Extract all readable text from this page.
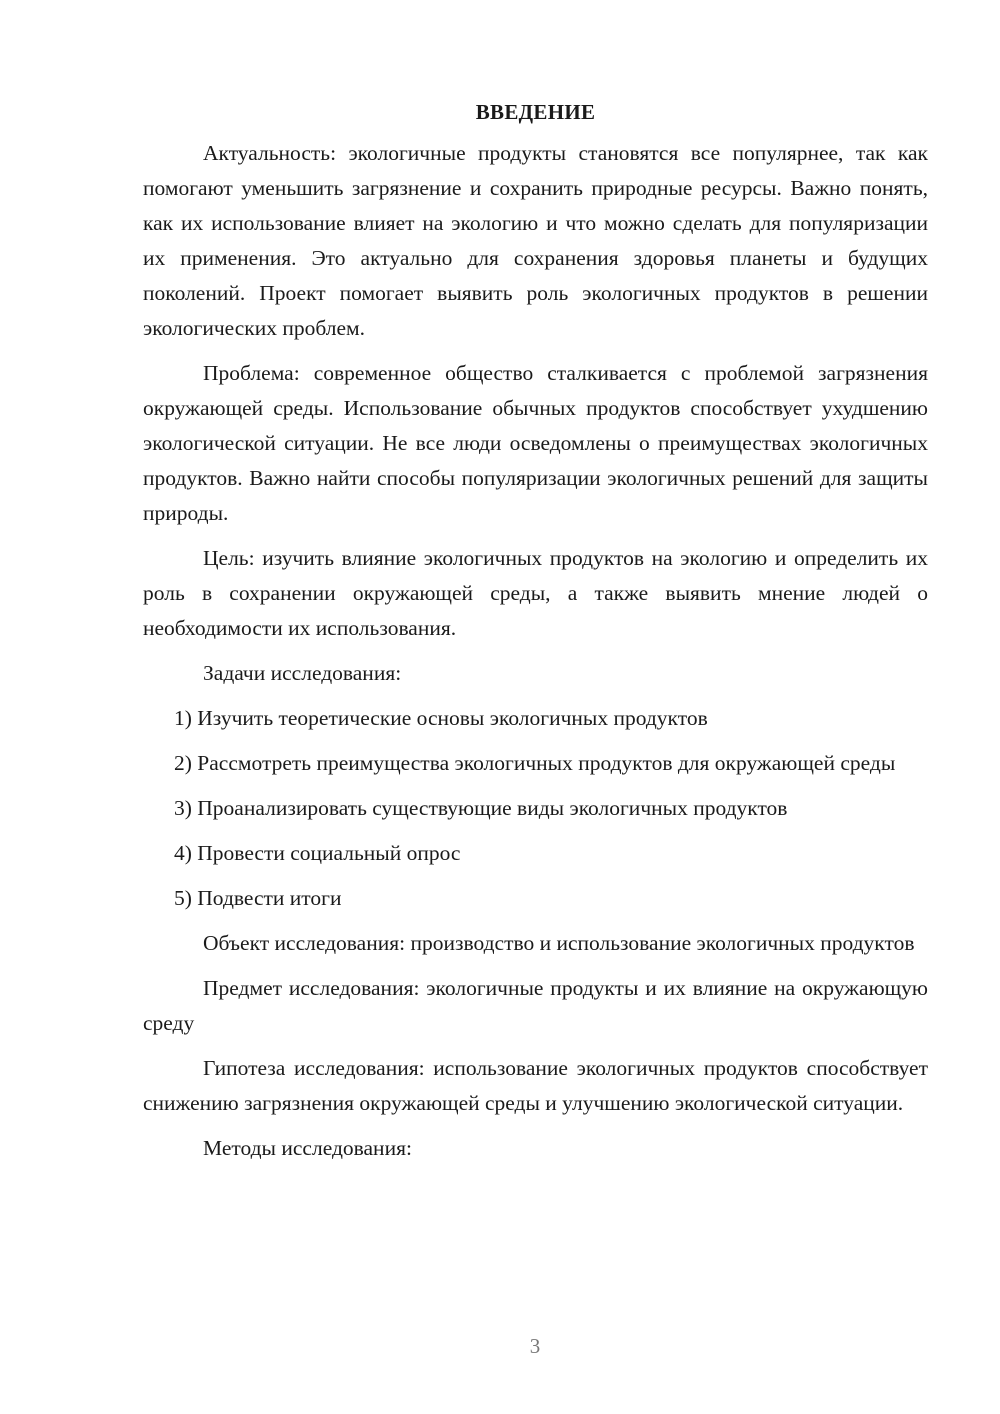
ВВЕДЕНИЕ

Актуальность: экологичные продукты становятся все популярнее, так как помогают уменьшить загрязнение и сохранить природные ресурсы. Важно понять, как их использование влияет на экологию и что можно сделать для популяризации их применения. Это актуально для сохранения здоровья планеты и будущих поколений. Проект помогает выявить роль экологичных продуктов в решении экологических проблем.

Проблема: современное общество сталкивается с проблемой загрязнения окружающей среды. Использование обычных продуктов способствует ухудшению экологической ситуации. Не все люди осведомлены о преимуществах экологичных продуктов. Важно найти способы популяризации экологичных решений для защиты природы.

Цель: изучить влияние экологичных продуктов на экологию и определить их роль в сохранении окружающей среды, а также выявить мнение людей о необходимости их использования.

Задачи исследования:

1) Изучить теоретические основы экологичных продуктов

2) Рассмотреть преимущества экологичных продуктов для окружающей среды

3) Проанализировать существующие виды экологичных продуктов

4) Провести социальный опрос

5) Подвести итоги

Объект исследования: производство и использование экологичных продуктов

Предмет исследования: экологичные продукты и их влияние на окружающую среду

Гипотеза исследования: использование экологичных продуктов способствует снижению загрязнения окружающей среды и улучшению экологической ситуации.

Методы исследования:

3
